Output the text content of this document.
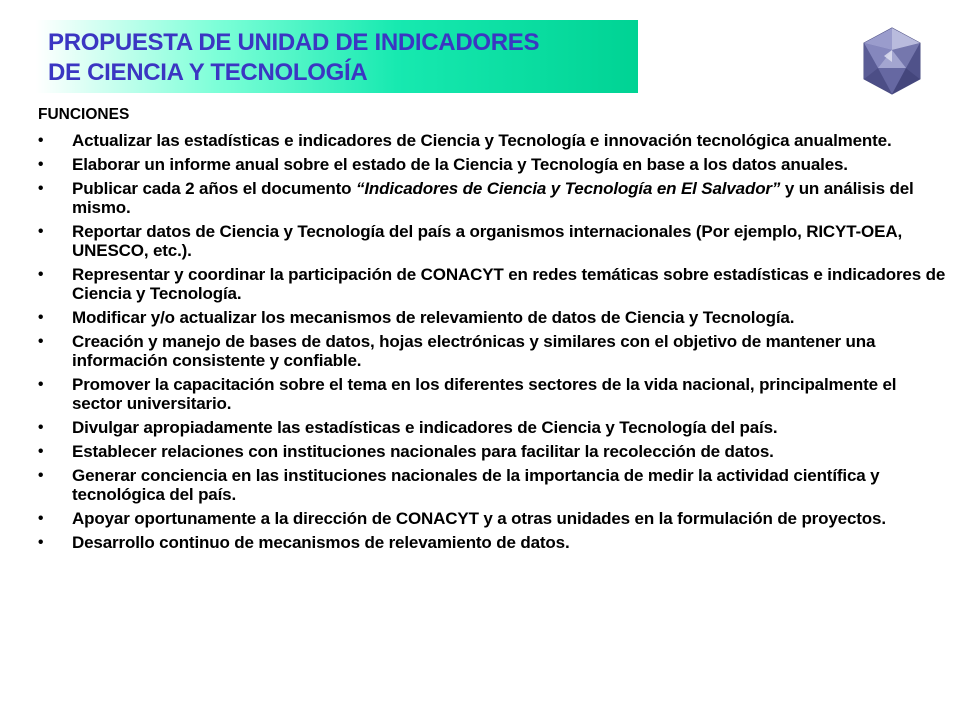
PROPUESTA DE UNIDAD DE INDICADORES
DE CIENCIA Y TECNOLOGÍA
FUNCIONES
• Actualizar las estadísticas e indicadores de Ciencia y Tecnología e innovación tecnológica anualmente.
• Elaborar un informe anual sobre el estado de la Ciencia y Tecnología en base a los datos anuales.
• Publicar cada 2 años el documento “Indicadores de Ciencia y Tecnología en El Salvador” y un análisis del mismo.
• Reportar datos de Ciencia y Tecnología del país a organismos internacionales (Por ejemplo, RICYT-OEA, UNESCO, etc.).
• Representar y coordinar la participación de CONACYT en redes temáticas sobre estadísticas e indicadores de Ciencia y Tecnología.
• Modificar y/o actualizar los mecanismos de relevamiento de datos de Ciencia y Tecnología.
• Creación y manejo de bases de datos, hojas electrónicas y similares con el objetivo de mantener una información consistente y confiable.
• Promover la capacitación sobre el tema en los diferentes sectores de la vida nacional, principalmente el sector universitario.
• Divulgar apropiadamente las estadísticas e indicadores de Ciencia y Tecnología del país.
• Establecer relaciones con instituciones nacionales para facilitar la recolección de datos.
• Generar conciencia en las instituciones nacionales de la importancia de medir la actividad científica y tecnológica del país.
• Apoyar oportunamente a la dirección de CONACYT y a otras unidades en la formulación de proyectos.
• Desarrollo continuo de mecanismos de relevamiento de datos.
